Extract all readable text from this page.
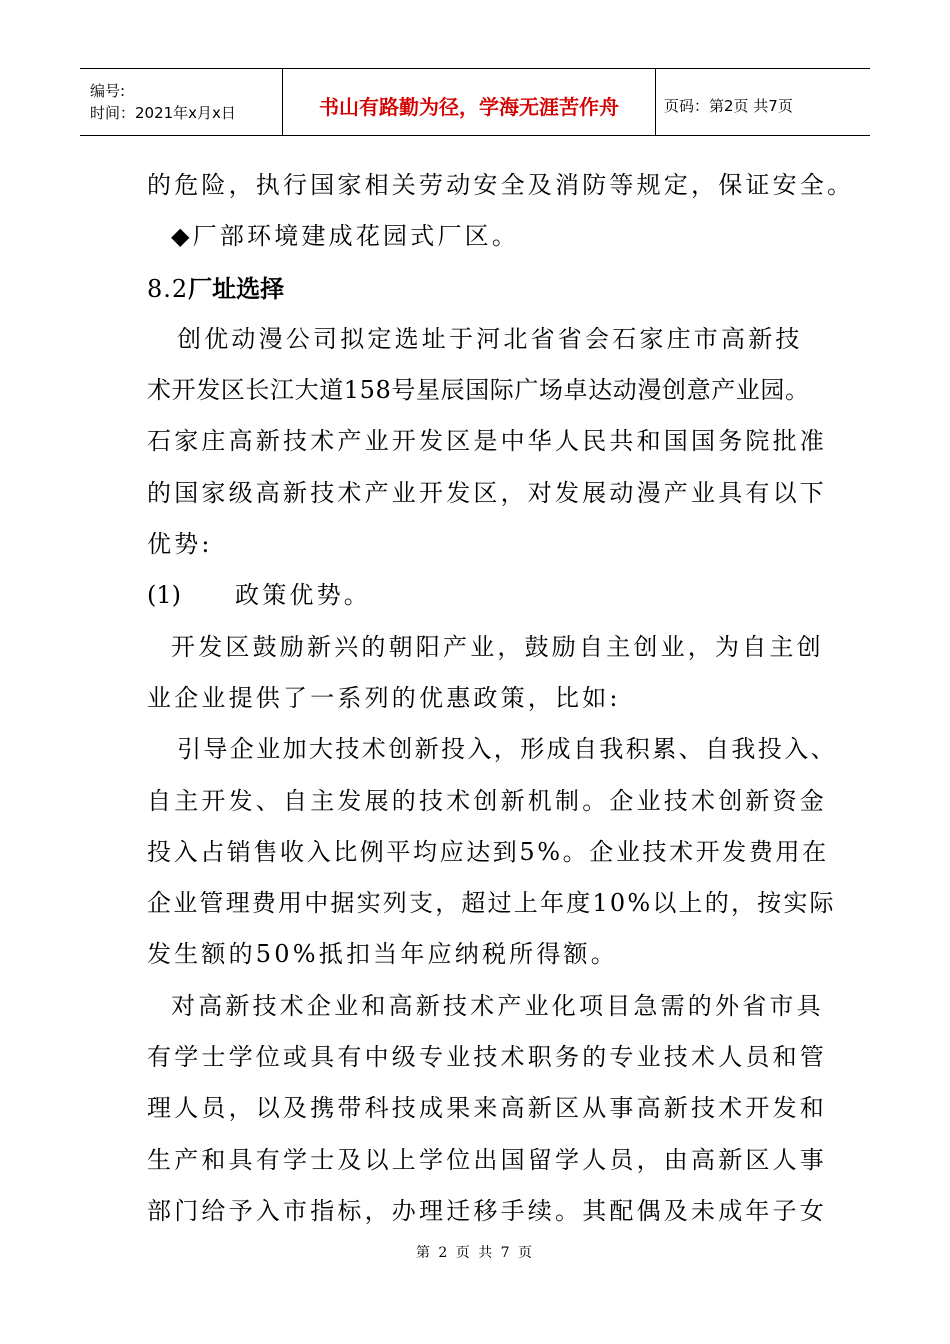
编号:
时间：2021年x月x日	书山有路勤为径，学海无涯苦作舟	页码：第2页 共7页
的危险，执行国家相关劳动安全及消防等规定，保证安全。
◆厂部环境建成花园式厂区。
8.2厂址选择
创优动漫公司拟定选址于河北省省会石家庄市高新技
术开发区长江大道158号星辰国际广场卓达动漫创意产业园。
石家庄高新技术产业开发区是中华人民共和国国务院批准
的国家级高新技术产业开发区，对发展动漫产业具有以下
优势:
(1) 政策优势。
开发区鼓励新兴的朝阳产业，鼓励自主创业，为自主创
业企业提供了一系列的优惠政策，比如:
引导企业加大技术创新投入，形成自我积累、自我投入、
自主开发、自主发展的技术创新机制。企业技术创新资金
投入占销售收入比例平均应达到5%。企业技术开发费用在
企业管理费用中据实列支，超过上年度10%以上的，按实际
发生额的50%抵扣当年应纳税所得额。
对高新技术企业和高新技术产业化项目急需的外省市具
有学士学位或具有中级专业技术职务的专业技术人员和管
理人员，以及携带科技成果来高新区从事高新技术开发和
生产和具有学士及以上学位出国留学人员，由高新区人事
部门给予入市指标，办理迁移手续。其配偶及未成年子女
第 2 页 共 7 页
